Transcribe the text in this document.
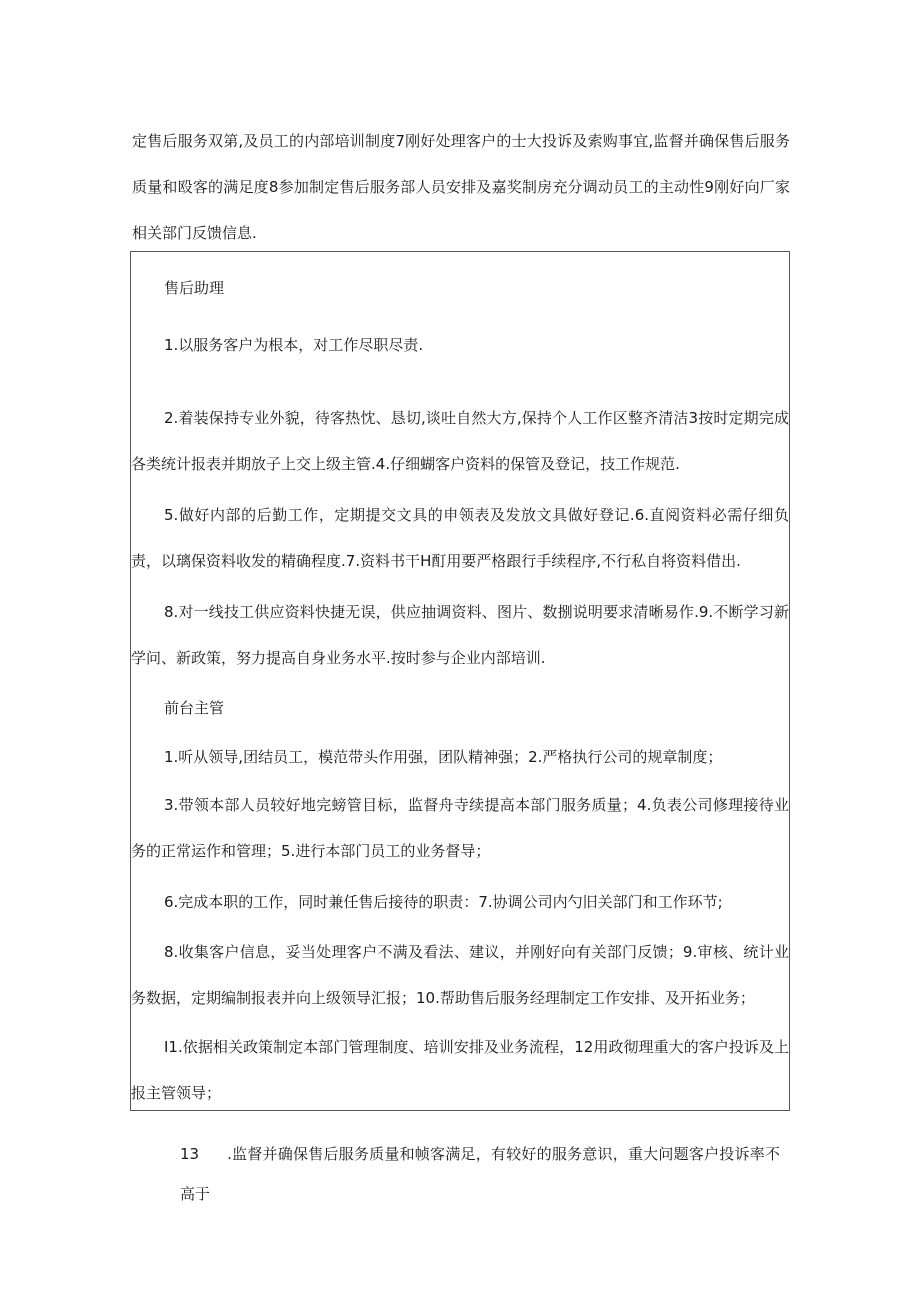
定售后服务双第,及员工的内部培训制度7刚好处理客户的士大投诉及索购事宜,监督并确保售后服务质量和殴客的满足度8参加制定售后服务部人员安排及嘉奖制房充分调动员工的主动性9刚好向厂家相关部门反馈信息.

售后助理

1.以服务客户为根本，对工作尽职尽责.

2.着装保持专业外貌，待客热忱、恳切,谈吐自然大方,保持个人工作区整齐清洁3按时定期完成各类统计报表并期放子上交上级主管.4.仔细蝴客户资料的保管及登记，技工作规范.

5.做好内部的后勤工作，定期提交文具的申领表及发放文具做好登记.6.直阅资料必需仔细负责，以璃保资料收发的精确程度.7.资料书干H酊用要严格跟行手续程序,不行私自将资料借出.

8.对一线技工供应资料快捷无误，供应抽调资料、图片、数捌说明要求清晰易作.9.不断学习新学问、新政策，努力提高自身业务水平.按时参与企业内部培训.

前台主管

1.听从领导,团结员工，模范带头作用强，团队精神强；2.严格执行公司的规章制度；

3.带领本部人员较好地完螃管目标，监督舟寺续提高本部门服务质量；4.负表公司修理接待业务的正常运作和管理；5.进行本部门员工的业务督导；

6.完成本职的工作，同时兼任售后接待的职责：7.协调公司内勺旧关部门和工作环节;

8.收集客户信息，妥当处理客户不满及看法、建议，并刚好向有关部门反馈；9.审核、统计业务数据，定期编制报表并向上级领导汇报；10.帮助售后服务经理制定工作安排、及开拓业务；

I1.依据相关政策制定本部门管理制度、培训安排及业务流程，12用政彻理重大的客户投诉及上报主管领导；

13 .监督并确保售后服务质量和帧客满足，有较好的服务意识，重大问题客户投诉率不高于
